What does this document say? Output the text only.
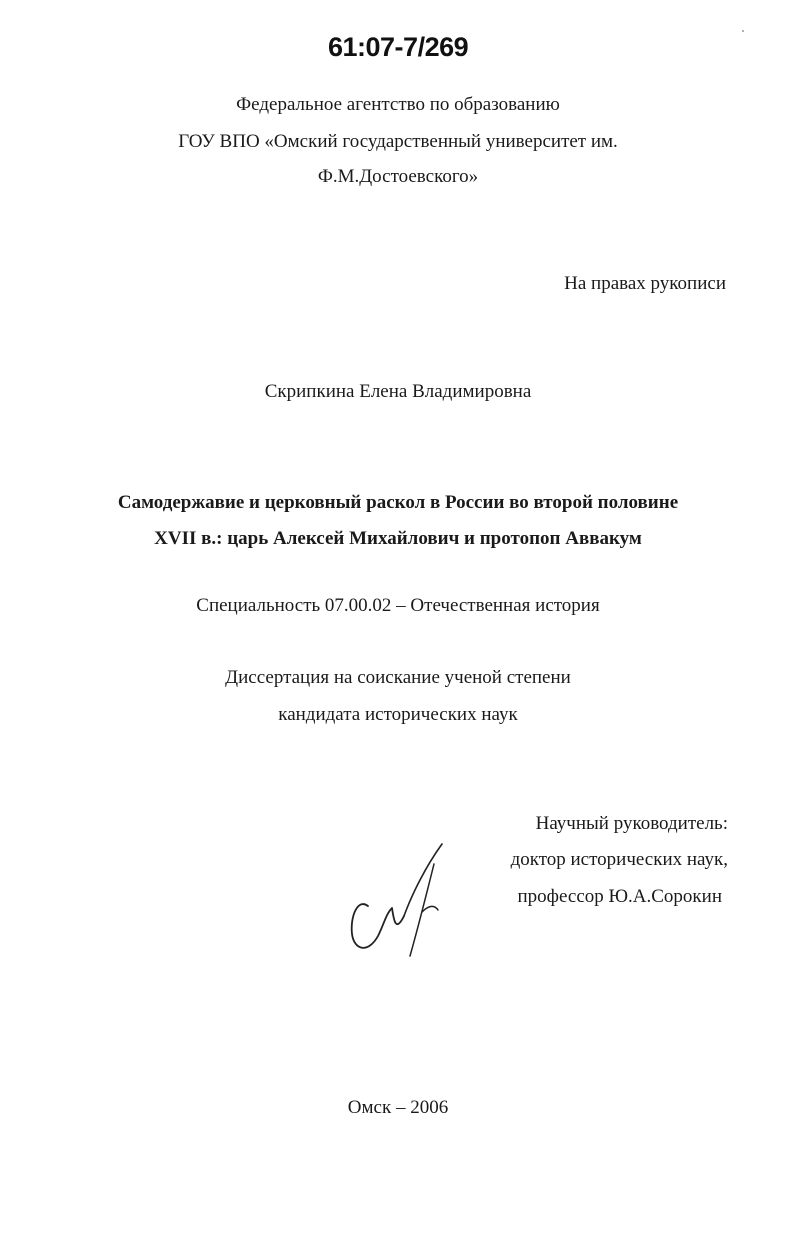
61:07-7/269
Федеральное агентство по образованию
ГОУ ВПО «Омский государственный университет им.
Ф.М.Достоевского»
На правах рукописи
Скрипкина Елена Владимировна
Самодержавие и церковный раскол в России во второй половине
XVII в.: царь Алексей Михайлович и протопоп Аввакум
Специальность 07.00.02 – Отечественная история
Диссертация на соискание ученой степени
кандидата исторических наук
Научный руководитель:
доктор исторических наук,
профессор Ю.А.Сорокин
Омск – 2006
